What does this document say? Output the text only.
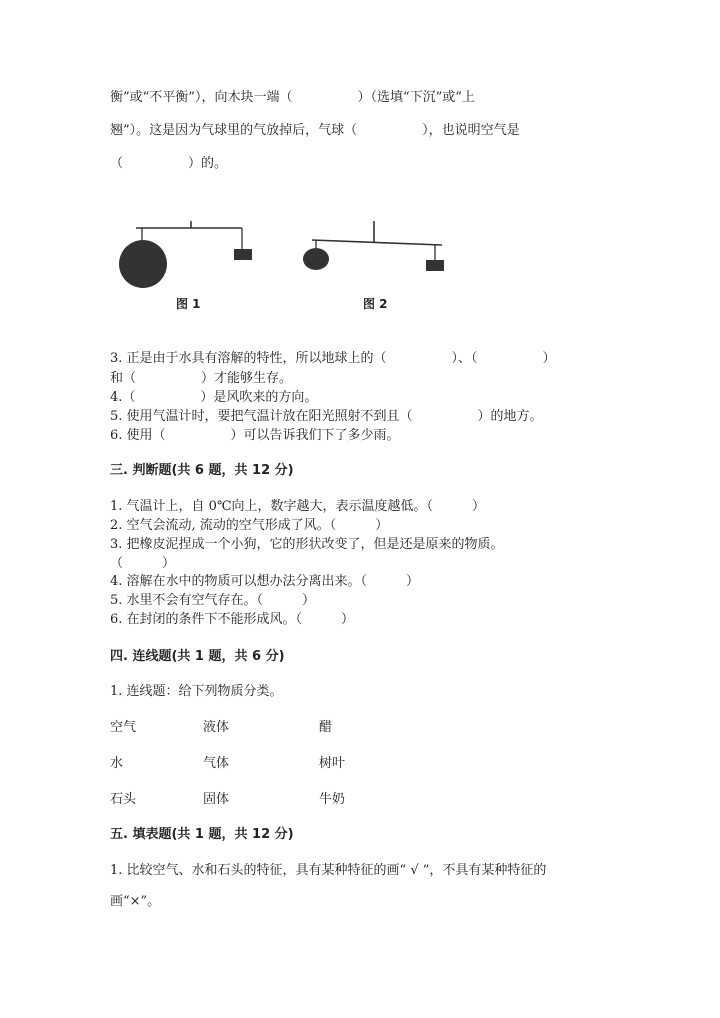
衡”或“不平衡”），向木块一端（　　　　　）（选填“下沉”或“上
翘”）。这是因为气球里的气放掉后，气球（　　　　　），也说明空气是
（　　　　　）的。
图 1	图 2
3. 正是由于水具有溶解的特性，所以地球上的（　　　　　）、（　　　　　）
和（　　　　　）才能够生存。
4.（　　　　　）是风吹来的方向。
5. 使用气温计时，要把气温计放在阳光照射不到且（　　　　　）的地方。
6. 使用（　　　　　）可以告诉我们下了多少雨。
三. 判断题(共 6 题，共 12 分)
1. 气温计上，自 0℃向上，数字越大，表示温度越低。（　　　）
2. 空气会流动, 流动的空气形成了风。（　　　）
3. 把橡皮泥捏成一个小狗，它的形状改变了，但是还是原来的物质。
（　　　）
4. 溶解在水中的物质可以想办法分离出来。（　　　）
5. 水里不会有空气存在。（　　　）
6. 在封闭的条件下不能形成风。（　　　）
四. 连线题(共 1 题，共 6 分)
1. 连线题：给下列物质分类。
空气	液体	醋
水	气体	树叶
石头	固体	牛奶
五. 填表题(共 1 题，共 12 分)
1. 比较空气、水和石头的特征，具有某种特征的画“ √ ”，不具有某种特征的
画“×”。
